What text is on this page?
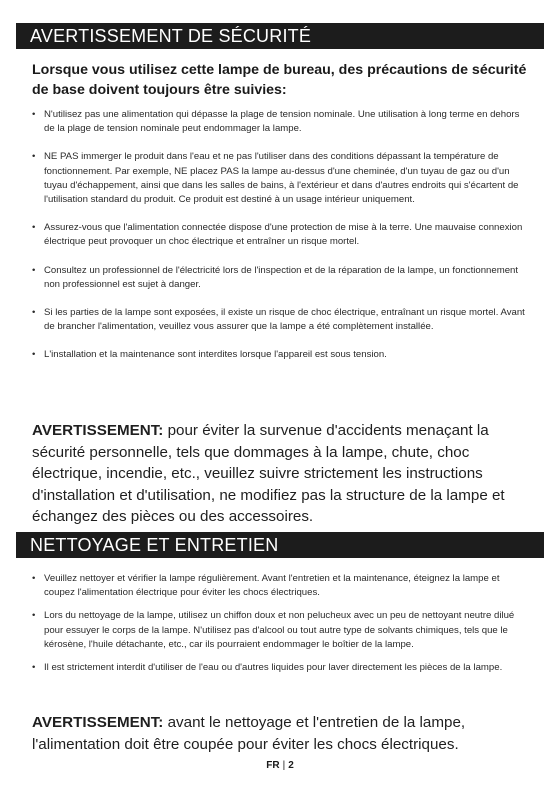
AVERTISSEMENT DE SÉCURITÉ
Lorsque vous utilisez cette lampe de bureau, des précautions de sécurité de base doivent toujours être suivies:
• N'utilisez pas une alimentation qui dépasse la plage de tension nominale. Une utilisation à long terme en dehors de la plage de tension nominale peut endommager la lampe.
• NE PAS immerger le produit dans l'eau et ne pas l'utiliser dans des conditions dépassant la température de fonctionnement. Par exemple, NE placez PAS la lampe au-dessus d'une cheminée, d'un tuyau de gaz ou d'un tuyau d'échappement, ainsi que dans les salles de bains, à l'extérieur et dans d'autres endroits qui s'écartent de l'utilisation standard du produit. Ce produit est destiné à un usage intérieur uniquement.
• Assurez-vous que l'alimentation connectée dispose d'une protection de mise à la terre. Une mauvaise connexion électrique peut provoquer un choc électrique et entraîner un risque mortel.
• Consultez un professionnel de l'électricité lors de l'inspection et de la réparation de la lampe, un fonctionnement non professionnel est sujet à danger.
• Si les parties de la lampe sont exposées, il existe un risque de choc électrique, entraînant un risque mortel. Avant de brancher l'alimentation, veuillez vous assurer que la lampe a été complètement installée.
• L'installation et la maintenance sont interdites lorsque l'appareil est sous tension.
AVERTISSEMENT: pour éviter la survenue d'accidents menaçant la sécurité personnelle, tels que dommages à la lampe, chute, choc électrique, incendie, etc., veuillez suivre strictement les instructions d'installation et d'utilisation, ne modifiez pas la structure de la lampe et échangez des pièces ou des accessoires.
NETTOYAGE ET ENTRETIEN
• Veuillez nettoyer et vérifier la lampe régulièrement. Avant l'entretien et la maintenance, éteignez la lampe et coupez l'alimentation électrique pour éviter les chocs électriques.
• Lors du nettoyage de la lampe, utilisez un chiffon doux et non pelucheux avec un peu de nettoyant neutre dilué pour essuyer le corps de la lampe. N'utilisez pas d'alcool ou tout autre type de solvants chimiques, tels que le kérosène, l'huile détachante, etc., car ils pourraient endommager le boîtier de la lampe.
• Il est strictement interdit d'utiliser de l'eau ou d'autres liquides pour laver directement les pièces de la lampe.
AVERTISSEMENT: avant le nettoyage et l'entretien de la lampe, l'alimentation doit être coupée pour éviter les chocs électriques.
FR | 2
